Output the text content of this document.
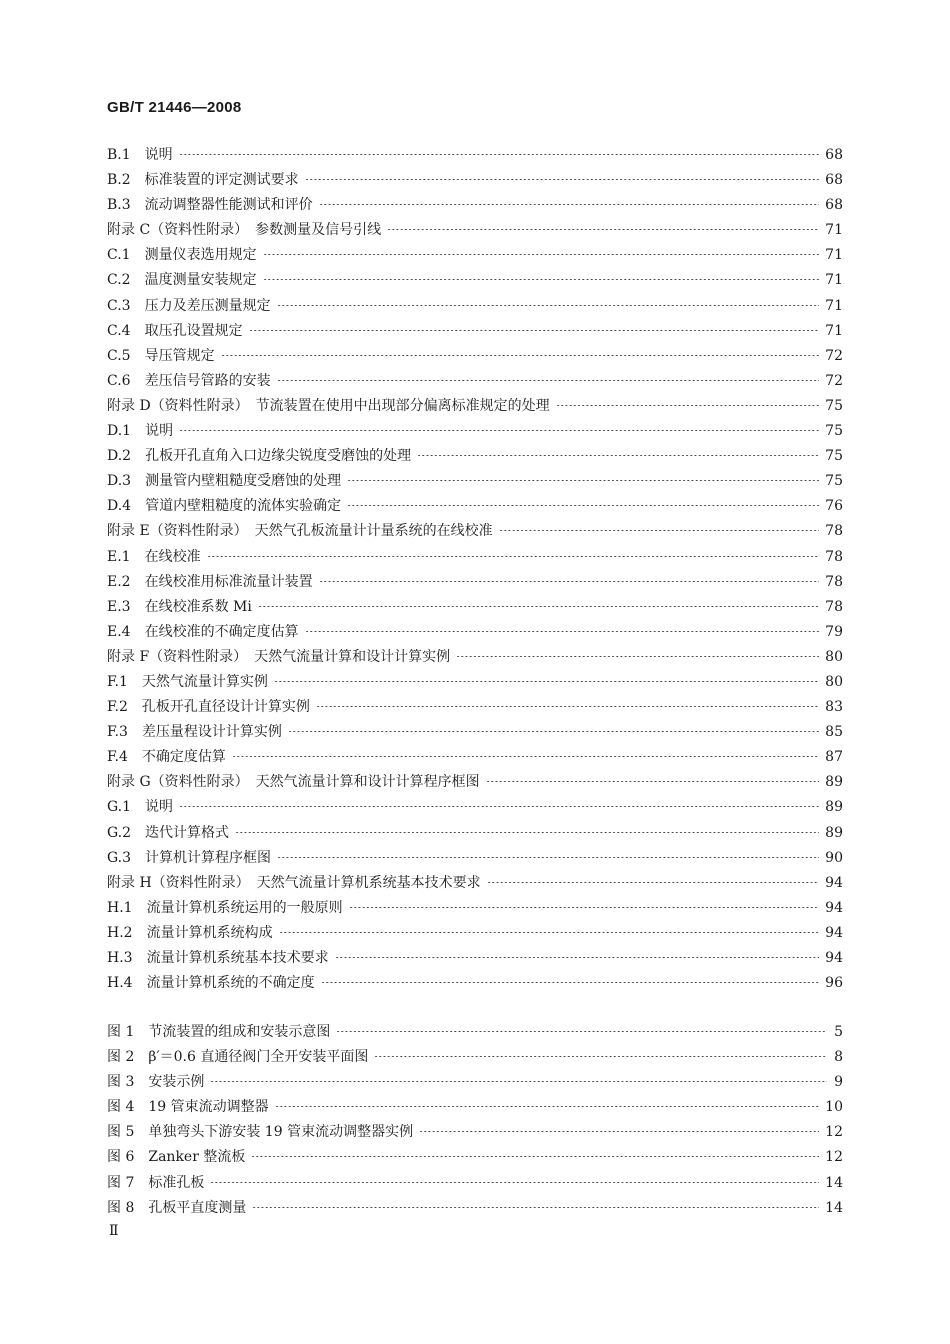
GB/T 21446—2008
B.1　说明	68
B.2　标准装置的评定测试要求	68
B.3　流动调整器性能测试和评价	68
附录 C（资料性附录）　参数测量及信号引线	71
C.1　测量仪表选用规定	71
C.2　温度测量安装规定	71
C.3　压力及差压测量规定	71
C.4　取压孔设置规定	71
C.5　导压管规定	72
C.6　差压信号管路的安装	72
附录 D（资料性附录）　节流装置在使用中出现部分偏离标准规定的处理	75
D.1　说明	75
D.2　孔板开孔直角入口边缘尖锐度受磨蚀的处理	75
D.3　测量管内壁粗糙度受磨蚀的处理	75
D.4　管道内壁粗糙度的流体实验确定	76
附录 E（资料性附录）　天然气孔板流量计计量系统的在线校准	78
E.1　在线校准	78
E.2　在线校准用标准流量计装置	78
E.3　在线校准系数 Mi	78
E.4　在线校准的不确定度估算	79
附录 F（资料性附录）　天然气流量计算和设计计算实例	80
F.1　天然气流量计算实例	80
F.2　孔板开孔直径设计计算实例	83
F.3　差压量程设计计算实例	85
F.4　不确定度估算	87
附录 G（资料性附录）　天然气流量计算和设计计算程序框图	89
G.1　说明	89
G.2　迭代计算格式	89
G.3　计算机计算程序框图	90
附录 H（资料性附录）　天然气流量计算机系统基本技术要求	94
H.1　流量计算机系统运用的一般原则	94
H.2　流量计算机系统构成	94
H.3　流量计算机系统基本技术要求	94
H.4　流量计算机系统的不确定度	96
图 1　节流装置的组成和安装示意图	5
图 2　β′＝0.6 直通径阀门全开安装平面图	8
图 3　安装示例	9
图 4　19 管束流动调整器	10
图 5　单独弯头下游安装 19 管束流动调整器实例	12
图 6　Zanker 整流板	12
图 7　标准孔板	14
图 8　孔板平直度测量	14
Ⅱ
